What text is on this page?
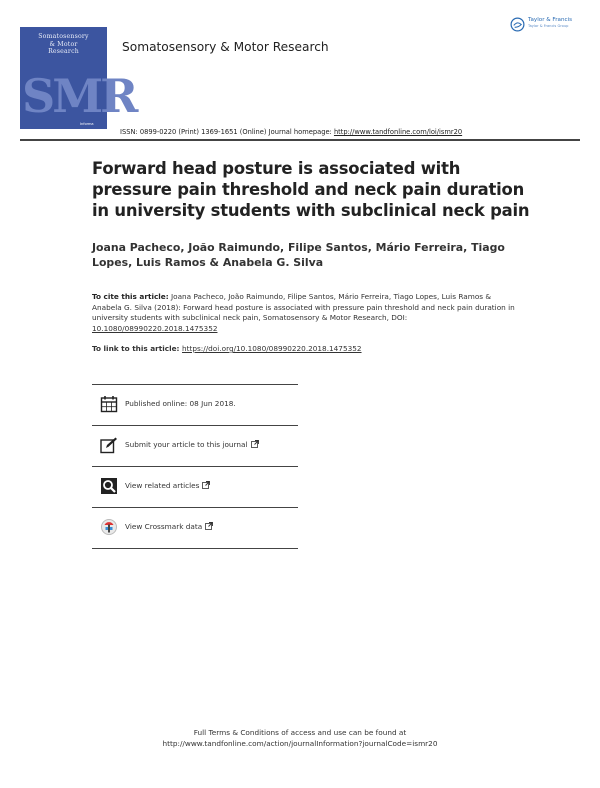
Somatosensory
& Motor
Research
SMR
Informa
Somatosensory & Motor Research
Taylor & Francis
Taylor & Francis Group
ISSN: 0899-0220 (Print) 1369-1651 (Online) Journal homepage: http://www.tandfonline.com/loi/ismr20
Forward head posture is associated with pressure pain threshold and neck pain duration in university students with subclinical neck pain
Joana Pacheco, João Raimundo, Filipe Santos, Mário Ferreira, Tiago Lopes, Luis Ramos & Anabela G. Silva
To cite this article: Joana Pacheco, João Raimundo, Filipe Santos, Mário Ferreira, Tiago Lopes, Luis Ramos & Anabela G. Silva (2018): Forward head posture is associated with pressure pain threshold and neck pain duration in university students with subclinical neck pain, Somatosensory & Motor Research, DOI: 10.1080/08990220.2018.1475352
To link to this article: https://doi.org/10.1080/08990220.2018.1475352
Published online: 08 Jun 2018.
Submit your article to this journal
View related articles
View Crossmark data
Full Terms & Conditions of access and use can be found at
http://www.tandfonline.com/action/journalInformation?journalCode=ismr20
